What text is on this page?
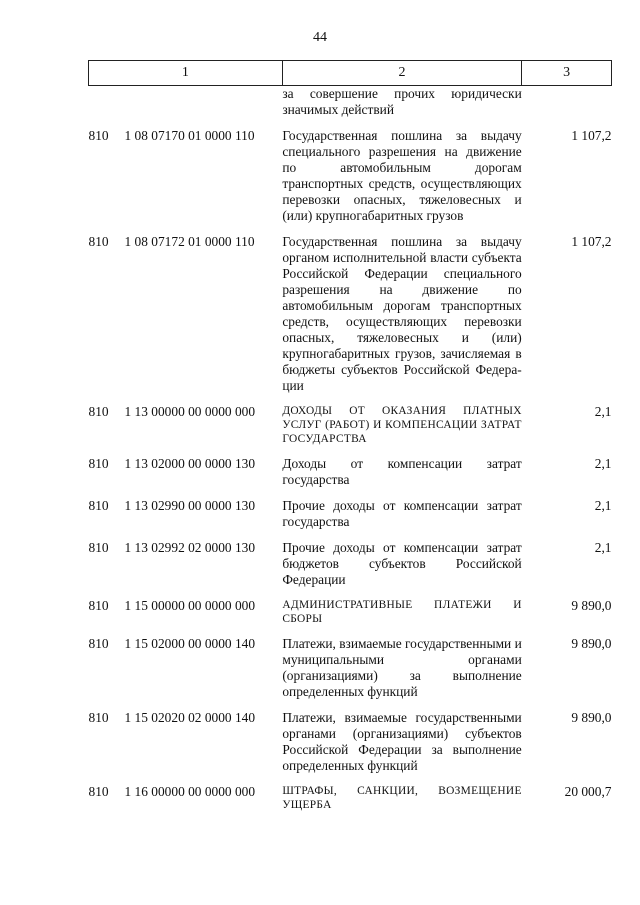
44
1	2	3
	за совершение прочих юридически значимых действий	
810 1 08 07170 01 0000 110	Государственная пошлина за выдачу специального разрешения на движение по автомобильным дорогам транспортных средств, осуществляющих перевозки опасных, тяжеловесных и (или) крупногабаритных грузов	1 107,2
810 1 08 07172 01 0000 110	Государственная пошлина за выдачу органом исполнительной власти субъекта Российской Федерации специального разрешения на движение по автомобильным дорогам транспортных средств, осуществляющих перевозки опасных, тяжеловесных и (или) крупногабаритных грузов, зачисляемая в бюджеты субъектов Российской Федерации	1 107,2
810 1 13 00000 00 0000 000	ДОХОДЫ ОТ ОКАЗАНИЯ ПЛАТНЫХ УСЛУГ (РАБОТ) И КОМПЕНСАЦИИ ЗАТРАТ ГОСУДАРСТВА	2,1
810 1 13 02000 00 0000 130	Доходы от компенсации затрат государства	2,1
810 1 13 02990 00 0000 130	Прочие доходы от компенсации затрат государства	2,1
810 1 13 02992 02 0000 130	Прочие доходы от компенсации затрат бюджетов субъектов Российской Федерации	2,1
810 1 15 00000 00 0000 000	АДМИНИСТРАТИВНЫЕ ПЛАТЕЖИ И СБОРЫ	9 890,0
810 1 15 02000 00 0000 140	Платежи, взимаемые государственными и муниципальными органами (организациями) за выполнение определенных функций	9 890,0
810 1 15 02020 02 0000 140	Платежи, взимаемые государственными органами (организациями) субъектов Российской Федерации за выполнение определенных функций	9 890,0
810 1 16 00000 00 0000 000	ШТРАФЫ, САНКЦИИ, ВОЗМЕЩЕНИЕ УЩЕРБА	20 000,7
